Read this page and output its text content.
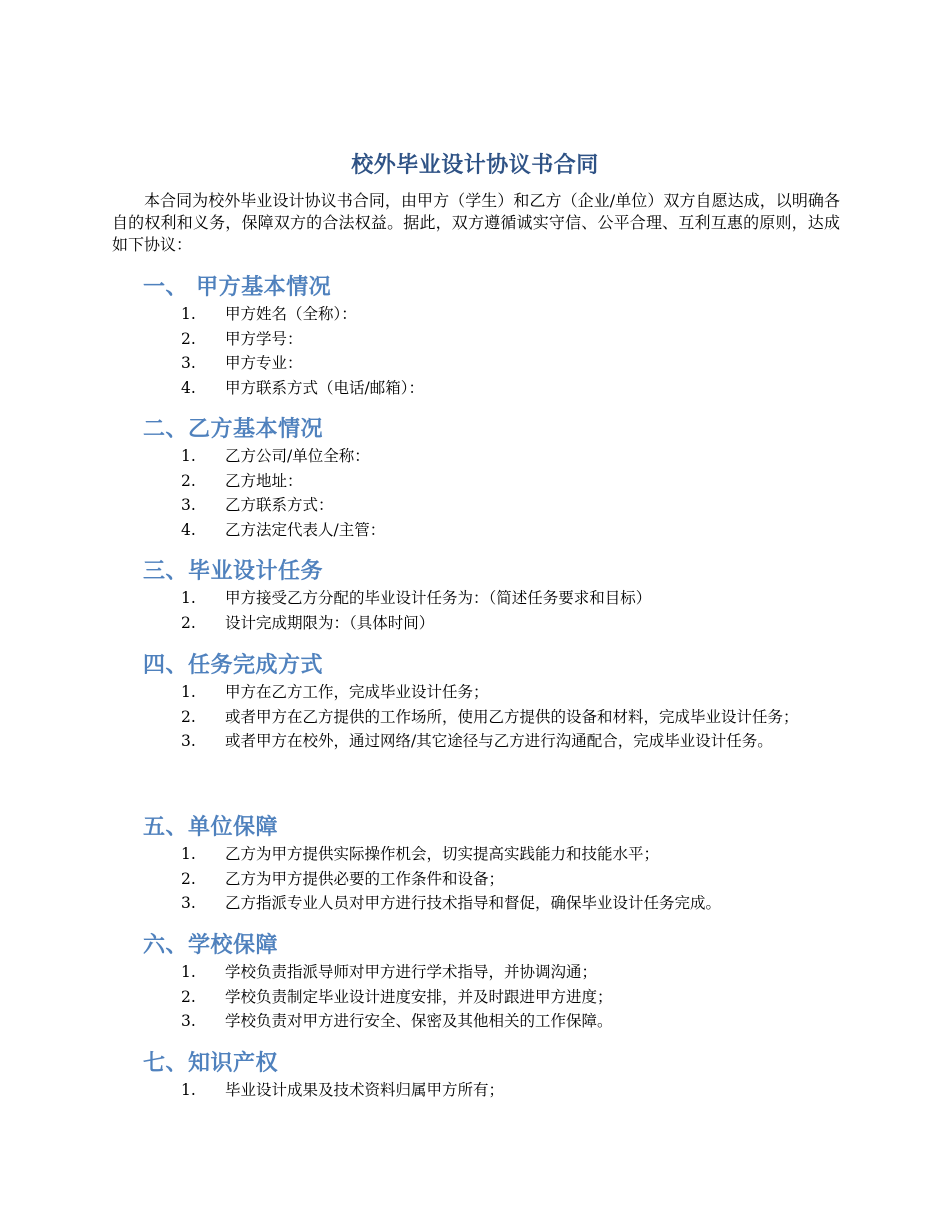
校外毕业设计协议书合同
本合同为校外毕业设计协议书合同，由甲方（学生）和乙方（企业/单位）双方自愿达成，以明确各自的权利和义务，保障双方的合法权益。据此，双方遵循诚实守信、公平合理、互利互惠的原则，达成如下协议：
一、 甲方基本情况
1. 甲方姓名（全称）：
2. 甲方学号：
3. 甲方专业：
4. 甲方联系方式（电话/邮箱）：
二、乙方基本情况
1. 乙方公司/单位全称：
2. 乙方地址：
3. 乙方联系方式：
4. 乙方法定代表人/主管：
三、毕业设计任务
1. 甲方接受乙方分配的毕业设计任务为：（简述任务要求和目标）
2. 设计完成期限为：（具体时间）
四、任务完成方式
1. 甲方在乙方工作，完成毕业设计任务；
2. 或者甲方在乙方提供的工作场所，使用乙方提供的设备和材料，完成毕业设计任务；
3. 或者甲方在校外，通过网络/其它途径与乙方进行沟通配合，完成毕业设计任务。
五、单位保障
1. 乙方为甲方提供实际操作机会，切实提高实践能力和技能水平；
2. 乙方为甲方提供必要的工作条件和设备；
3. 乙方指派专业人员对甲方进行技术指导和督促，确保毕业设计任务完成。
六、学校保障
1. 学校负责指派导师对甲方进行学术指导，并协调沟通；
2. 学校负责制定毕业设计进度安排，并及时跟进甲方进度；
3. 学校负责对甲方进行安全、保密及其他相关的工作保障。
七、知识产权
1. 毕业设计成果及技术资料归属甲方所有；
